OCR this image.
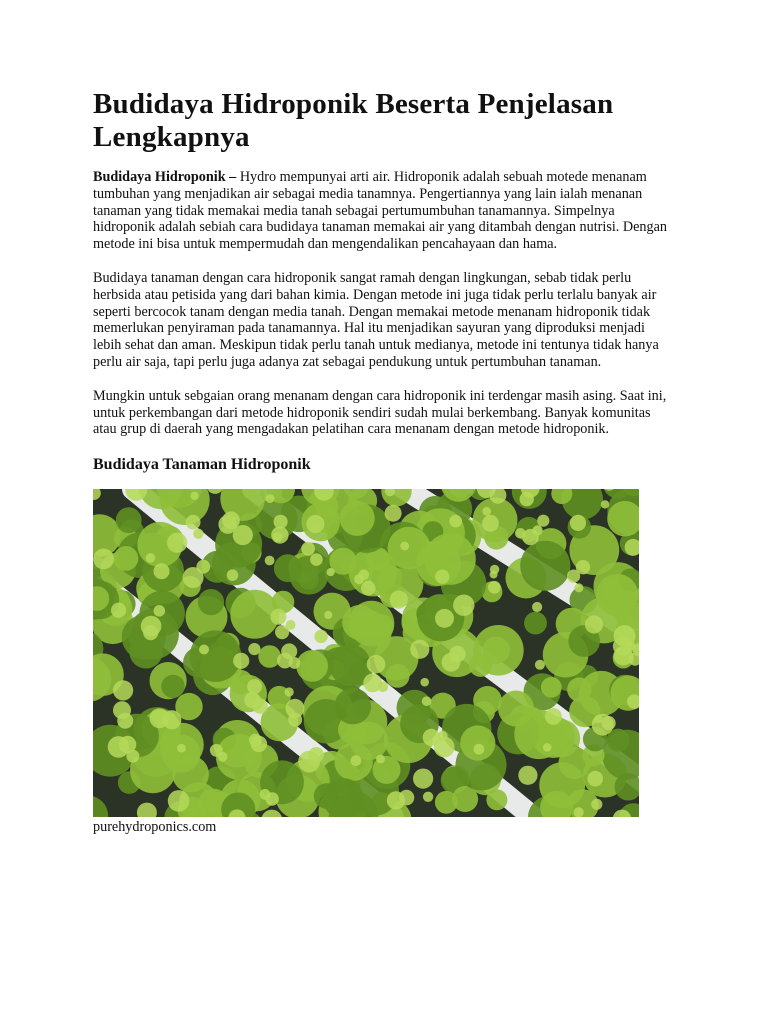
Budidaya Hidroponik Beserta Penjelasan Lengkapnya

Budidaya Hidroponik – Hydro mempunyai arti air. Hidroponik adalah sebuah motede menanam tumbuhan yang menjadikan air sebagai media tanamnya. Pengertiannya yang lain ialah menanan tanaman yang tidak memakai media tanah sebagai pertumumbuhan tanamannya. Simpelnya hidroponik adalah sebiah cara budidaya tanaman memakai air yang ditambah dengan nutrisi. Dengan metode ini bisa untuk mempermudah dan mengendalikan pencahayaan dan hama.

Budidaya tanaman dengan cara hidroponik sangat ramah dengan lingkungan, sebab tidak perlu herbsida atau petisida yang dari bahan kimia. Dengan metode ini juga tidak perlu terlalu banyak air seperti bercocok tanam dengan media tanah. Dengan memakai metode menanam hidroponik tidak memerlukan penyiraman pada tanamannya. Hal itu menjadikan sayuran yang diproduksi menjadi lebih sehat dan aman. Meskipun tidak perlu tanah untuk medianya, metode ini tentunya tidak hanya perlu air saja, tapi perlu juga adanya zat sebagai pendukung untuk pertumbuhan tanaman.

Mungkin untuk sebgaian orang menanam dengan cara hidroponik ini terdengar masih asing. Saat ini, untuk perkembangan dari metode hidroponik sendiri sudah mulai berkembang. Banyak komunitas atau grup di daerah yang mengadakan pelatihan cara menanam dengan metode hidroponik.

Budidaya Tanaman Hidroponik
purehydroponics.com
